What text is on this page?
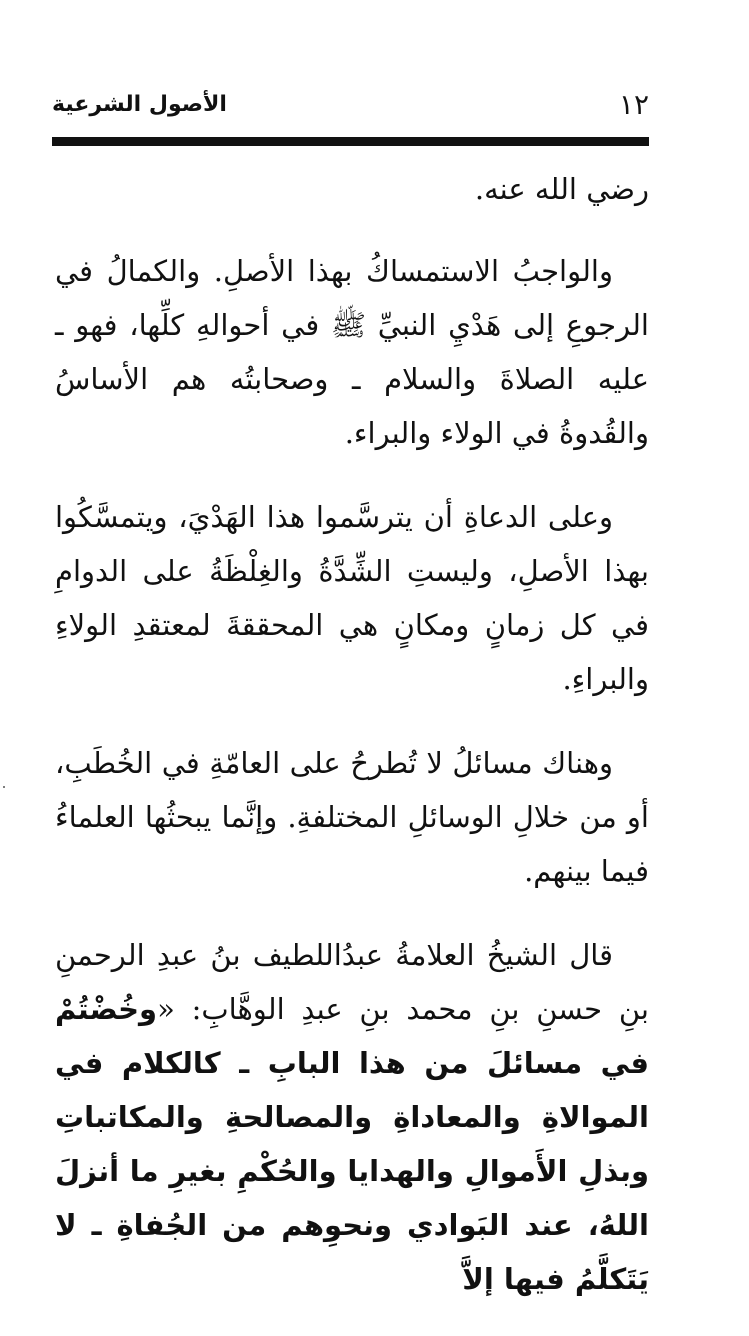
١٢
الأصول الشرعية

رضي الله عنه.

والواجبُ الاستمساكُ بهذا الأصلِ. والكمالُ في الرجوعِ إلى هَدْيِ النبيِّ ﷺ في أحوالهِ كلِّها، فهو ـ عليه الصلاةَ والسلام ـ وصحابتُه هم الأساسُ والقُدوةُ في الولاء والبراء.

وعلى الدعاةِ أن يترسَّموا هذا الهَدْيَ، ويتمسَّكُوا بهذا الأصلِ، وليستِ الشِّدَّةُ والغِلْظَةُ على الدوامِ في كل زمانٍ ومكانٍ هي المحققةَ لمعتقدِ الولاءِ والبراءِ.

وهناك مسائلُ لا تُطرحُ على العامّةِ في الخُطَبِ، أو من خلالِ الوسائلِ المختلفةِ. وإنَّما يبحثُها العلماءُ فيما بينهم.

قال الشيخُ العلامةُ عبدُاللطيف بنُ عبدِ الرحمنِ بنِ حسنِ بنِ محمد بنِ عبدِ الوهَّابِ: «وخُضْتُمْ في مسائلَ من هذا البابِ ـ كالكلام في الموالاةِ والمعاداةِ والمصالحةِ والمكاتباتِ وبذلِ الأَموالِ والهدايا والحُكْمِ بغيرِ ما أنزلَ اللهُ، عند البَوادي ونحوِهم من الجُفاةِ ـ لا يَتَكلَّمُ فيها إلاَّ
